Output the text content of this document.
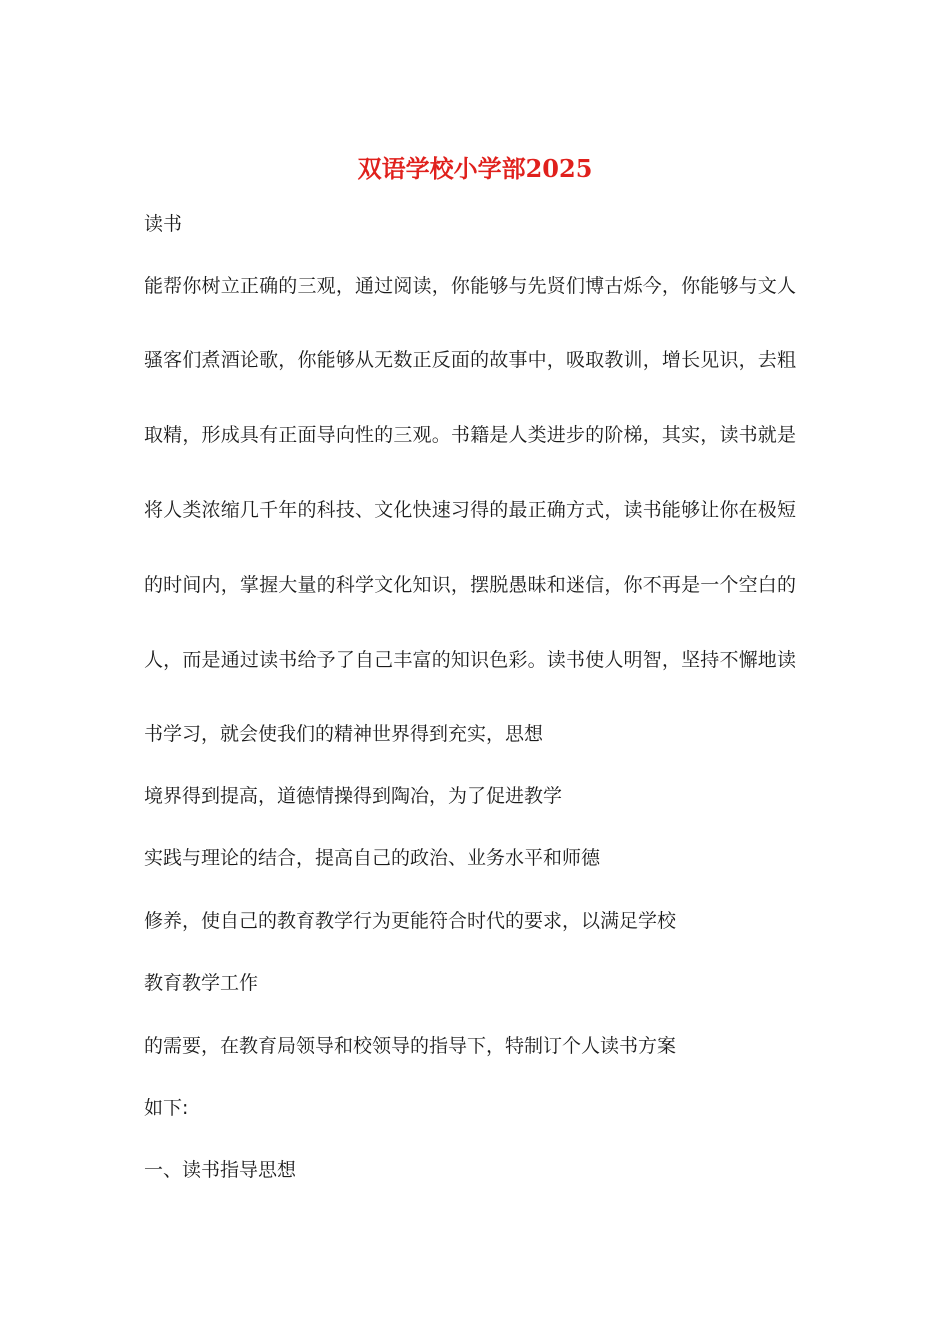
双语学校小学部2025
读书
能帮你树立正确的三观，通过阅读，你能够与先贤们博古烁今，你能够与文人
骚客们煮酒论歌，你能够从无数正反面的故事中，吸取教训，增长见识，去粗
取精，形成具有正面导向性的三观。书籍是人类进步的阶梯，其实，读书就是
将人类浓缩几千年的科技、文化快速习得的最正确方式，读书能够让你在极短
的时间内，掌握大量的科学文化知识，摆脱愚昧和迷信，你不再是一个空白的
人，而是通过读书给予了自己丰富的知识色彩。读书使人明智，坚持不懈地读
书学习，就会使我们的精神世界得到充实，思想
境界得到提高，道德情操得到陶冶，为了促进教学
实践与理论的结合，提高自己的政治、业务水平和师德
修养，使自己的教育教学行为更能符合时代的要求，以满足学校
教育教学工作
的需要，在教育局领导和校领导的指导下，特制订个人读书方案
如下:
一、读书指导思想
